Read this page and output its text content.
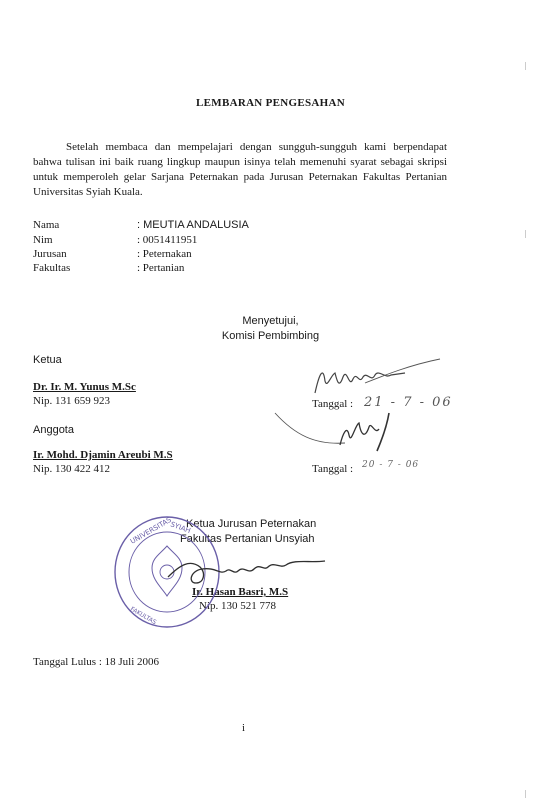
LEMBARAN PENGESAHAN
Setelah membaca dan mempelajari dengan sungguh-sungguh kami berpendapat bahwa tulisan ini baik ruang lingkup maupun isinya telah memenuhi syarat sebagai skripsi untuk memperoleh gelar Sarjana Peternakan pada Jurusan Peternakan Fakultas Pertanian Universitas Syiah Kuala.
Nama	: MEUTIA ANDALUSIA
Nim	: 0051411951
Jurusan	: Peternakan
Fakultas	: Pertanian
Menyetujui,
Komisi Pembimbing
Ketua
Dr. Ir. M. Yunus M.Sc
Nip. 131 659 923	Tanggal : 21 - 7 - 06
Anggota
Ir. Mohd. Djamin Areubi M.S
Nip. 130 422 412	Tanggal : 20 - 7 - 06
Ketua Jurusan Peternakan
Fakultas Pertanian Unsyiah
Ir. Hasan Basri, M.S
Nip. 130 521 778
Tanggal Lulus : 18 Juli 2006
i
UNIVERSITAS
SYIAH
FAKULTAS
